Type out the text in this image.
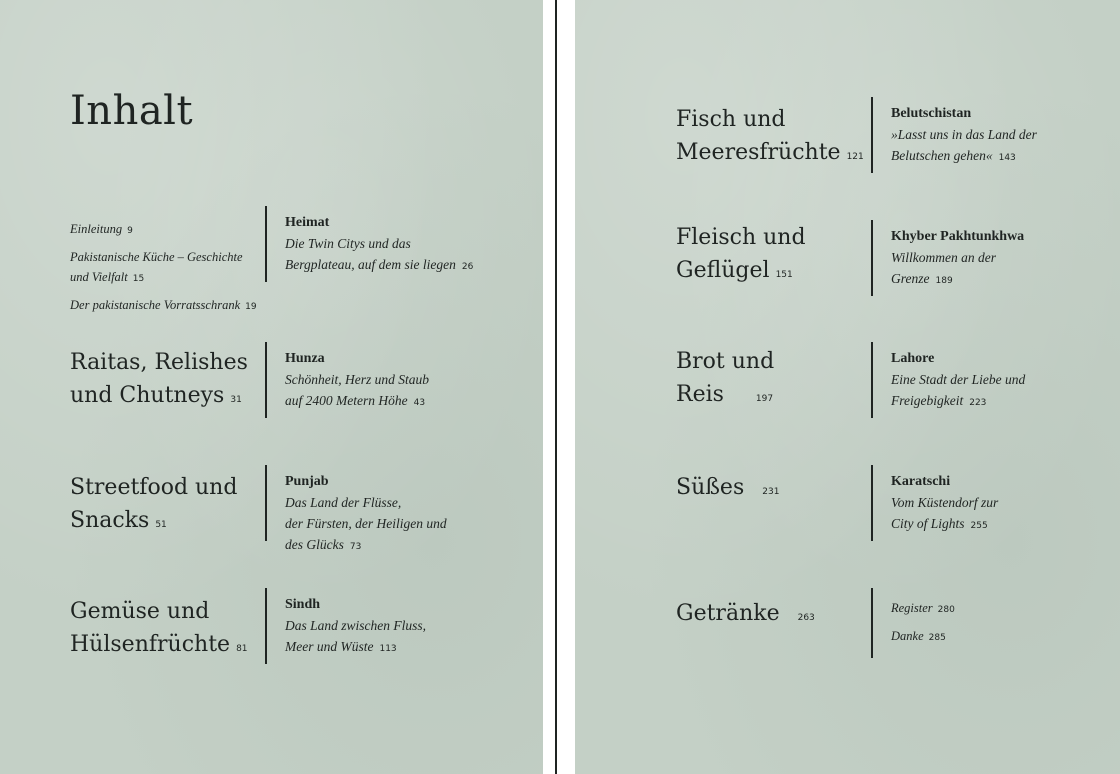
Inhalt
Einleitung 9
Pakistanische Küche – Geschichte
und Vielfalt 15
Der pakistanische Vorratsschrank 19
Heimat
Die Twin Citys und das
Bergplateau, auf dem sie liegen 26
Raitas, Relishes
und Chutneys 31
Hunza
Schönheit, Herz und Staub
auf 2400 Metern Höhe 43
Streetfood und
Snacks 51
Punjab
Das Land der Flüsse,
der Fürsten, der Heiligen und
des Glücks 73
Gemüse und
Hülsenfrüchte 81
Sindh
Das Land zwischen Fluss,
Meer und Wüste 113
Fisch und
Meeresfrüchte 121
Belutschistan
»Lasst uns in das Land der
Belutschen gehen« 143
Fleisch und
Geflügel 151
Khyber Pakhtunkhwa
Willkommen an der
Grenze 189
Brot und
Reis	197
Lahore
Eine Stadt der Liebe und
Freigebigkeit 223
Süßes 231
Karatschi
Vom Küstendorf zur
City of Lights 255
Getränke 263
Register 280
Danke 285
